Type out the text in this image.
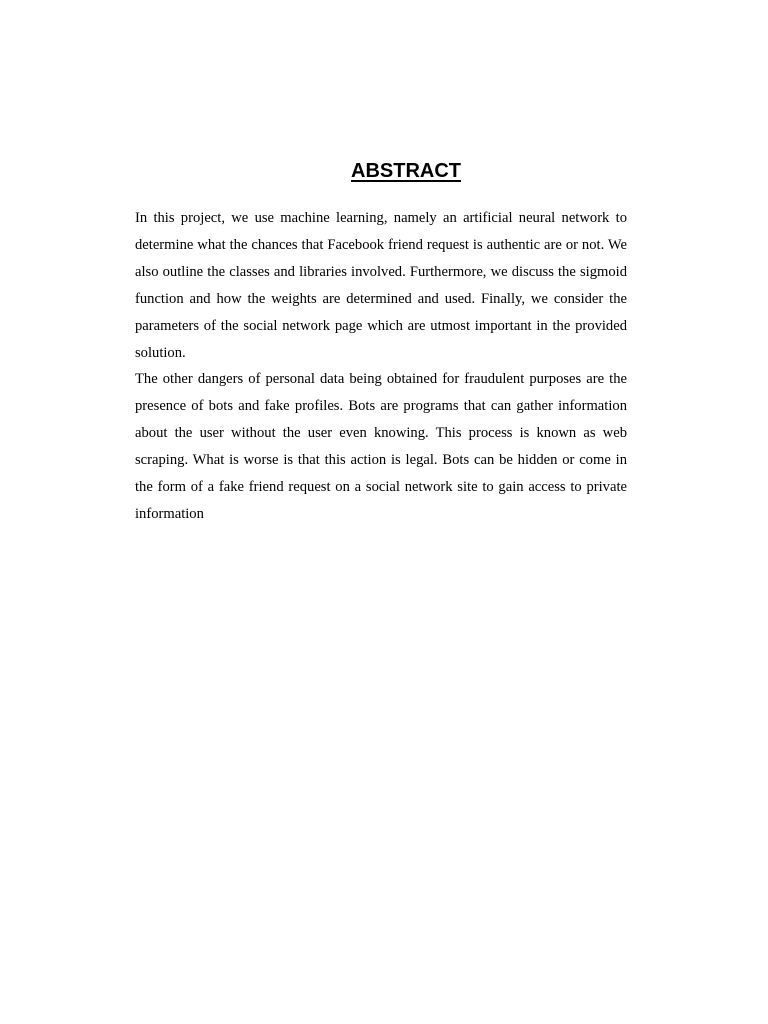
ABSTRACT

In this project, we use machine learning, namely an artificial neural network to determine what the chances that Facebook friend request is authentic are or not. We also outline the classes and libraries involved. Furthermore, we discuss the sigmoid function and how the weights are determined and used. Finally, we consider the parameters of the social network page which are utmost important in the provided solution.

The other dangers of personal data being obtained for fraudulent purposes are the presence of bots and fake profiles. Bots are programs that can gather information about the user without the user even knowing. This process is known as web scraping. What is worse is that this action is legal. Bots can be hidden or come in the form of a fake friend request on a social network site to gain access to private information
